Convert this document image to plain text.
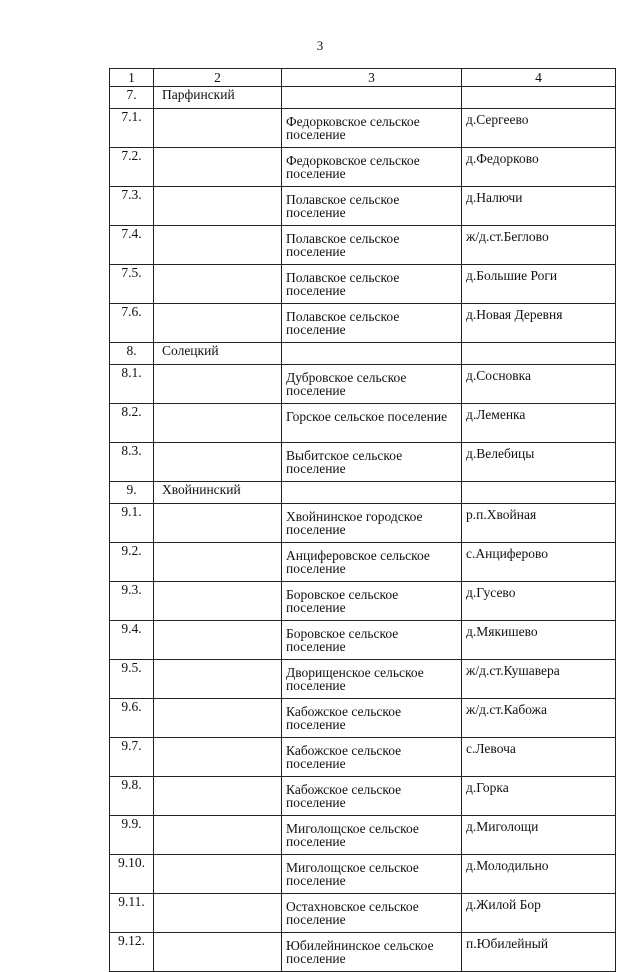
3
1	2	3	4
7.	Парфинский		
7.1.		Федорковское сельское поселение	д.Сергеево
7.2.		Федорковское сельское поселение	д.Федорково
7.3.		Полавское сельское поселение	д.Налючи
7.4.		Полавское сельское поселение	ж/д.ст.Беглово
7.5.		Полавское сельское поселение	д.Большие Роги
7.6.		Полавское сельское поселение	д.Новая Деревня
8.	Солецкий		
8.1.		Дубровское сельское поселение	д.Сосновка
8.2.		Горское сельское поселение	д.Леменка
8.3.		Выбитское сельское поселение	д.Велебицы
9.	Хвойнинский		
9.1.		Хвойнинское городское поселение	р.п.Хвойная
9.2.		Анциферовское сельское поселение	с.Анциферово
9.3.		Боровское сельское поселение	д.Гусево
9.4.		Боровское сельское поселение	д.Мякишево
9.5.		Дворищенское сельское поселение	ж/д.ст.Кушавера
9.6.		Кабожское сельское поселение	ж/д.ст.Кабожа
9.7.		Кабожское сельское поселение	с.Левоча
9.8.		Кабожское сельское поселение	д.Горка
9.9.		Миголощское сельское поселение	д.Миголощи
9.10.		Миголощское сельское поселение	д.Молодильно
9.11.		Остахновское сельское поселение	д.Жилой Бор
9.12.		Юбилейнинское сельское поселение	п.Юбилейный
